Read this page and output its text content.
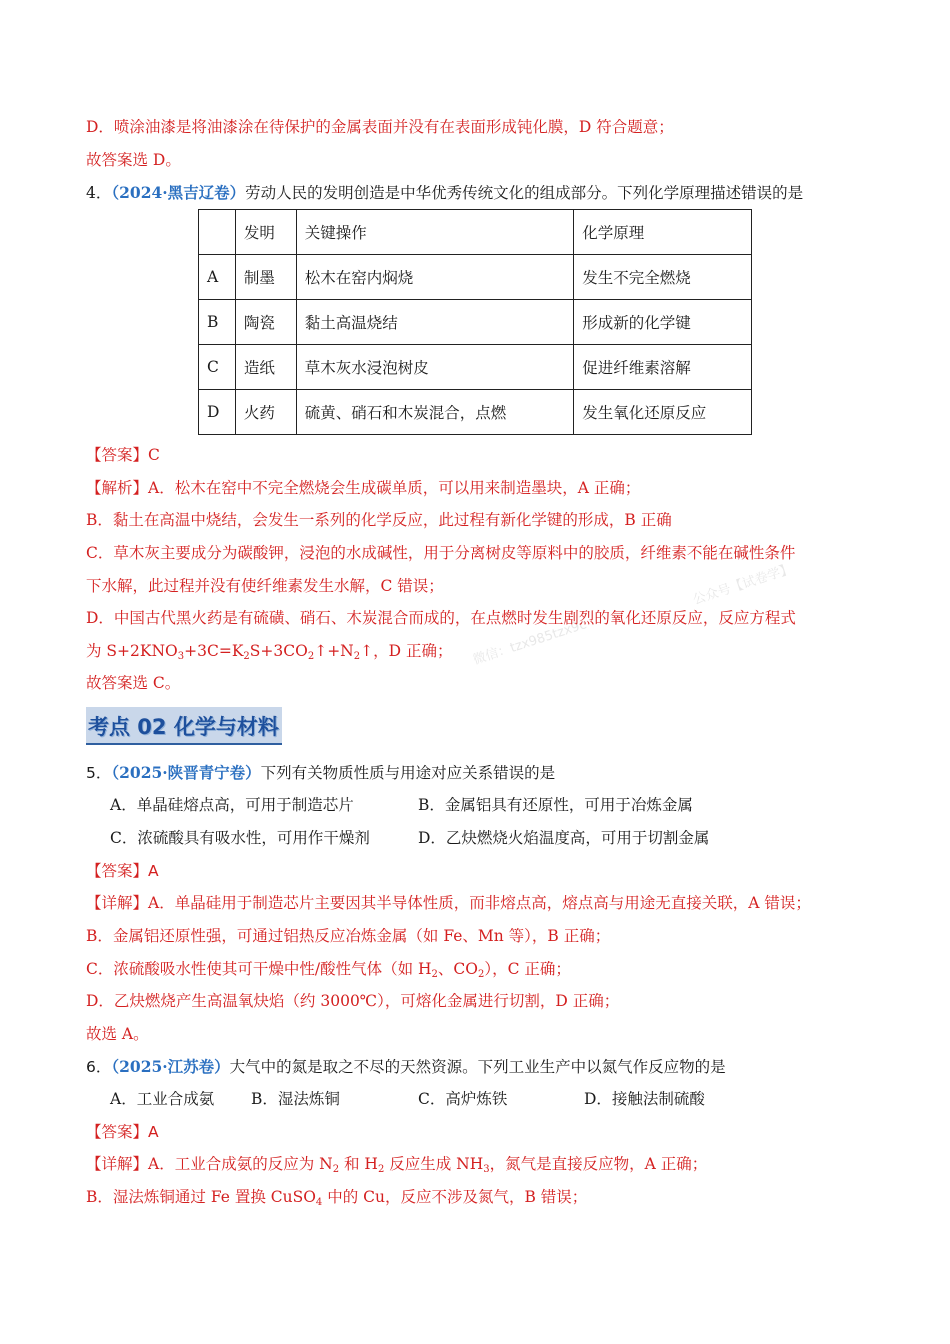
微信：tzx985tzx9c
公众号【试卷学】
D．喷涂油漆是将油漆涂在待保护的金属表面并没有在表面形成钝化膜，D 符合题意；
故答案选 D。
4．（2024·黑吉辽卷）劳动人民的发明创造是中华优秀传统文化的组成部分。下列化学原理描述错误的是
	发明	关键操作	化学原理
A	制墨	松木在窑内焖烧	发生不完全燃烧
B	陶瓷	黏土高温烧结	形成新的化学键
C	造纸	草木灰水浸泡树皮	促进纤维素溶解
D	火药	硫黄、硝石和木炭混合，点燃	发生氧化还原反应
【答案】C
【解析】A．松木在窑中不完全燃烧会生成碳单质，可以用来制造墨块，A 正确；
B．黏土在高温中烧结，会发生一系列的化学反应，此过程有新化学键的形成，B 正确
C．草木灰主要成分为碳酸钾，浸泡的水成碱性，用于分离树皮等原料中的胶质，纤维素不能在碱性条件
下水解，此过程并没有使纤维素发生水解，C 错误；
D．中国古代黑火药是有硫磺、硝石、木炭混合而成的，在点燃时发生剧烈的氧化还原反应，反应方程式
为 $S+2KNO_3+3C=K_2S+3CO_2↑+N_2↑$，D 正确；
故答案选 C。
考点 02 化学与材料
5．（2025·陕晋青宁卷）下列有关物质性质与用途对应关系错误的是
A．单晶硅熔点高，可用于制造芯片	B．金属铝具有还原性，可用于冶炼金属
C．浓硫酸具有吸水性，可用作干燥剂	D．乙炔燃烧火焰温度高，可用于切割金属
【答案】A
【详解】A．单晶硅用于制造芯片主要因其半导体性质，而非熔点高，熔点高与用途无直接关联，A 错误；
B．金属铝还原性强，可通过铝热反应冶炼金属（如 Fe、Mn 等），B 正确；
C．浓硫酸吸水性使其可干燥中性/酸性气体（如 $H_2$、$CO_2$），C 正确；
D．乙炔燃烧产生高温氧炔焰（约 3000℃），可熔化金属进行切割，D 正确；
故选 A。
6．（2025·江苏卷）大气中的氮是取之不尽的天然资源。下列工业生产中以氮气作反应物的是
A．工业合成氨 B．湿法炼铜	C．高炉炼铁	D．接触法制硫酸
【答案】A
【详解】A．工业合成氨的反应为 $N_2$ 和 $H_2$ 反应生成 $NH_3$，氮气是直接反应物，A 正确；
B．湿法炼铜通过 Fe 置换 CuSO$_4$ 中的 Cu，反应不涉及氮气，B 错误；
